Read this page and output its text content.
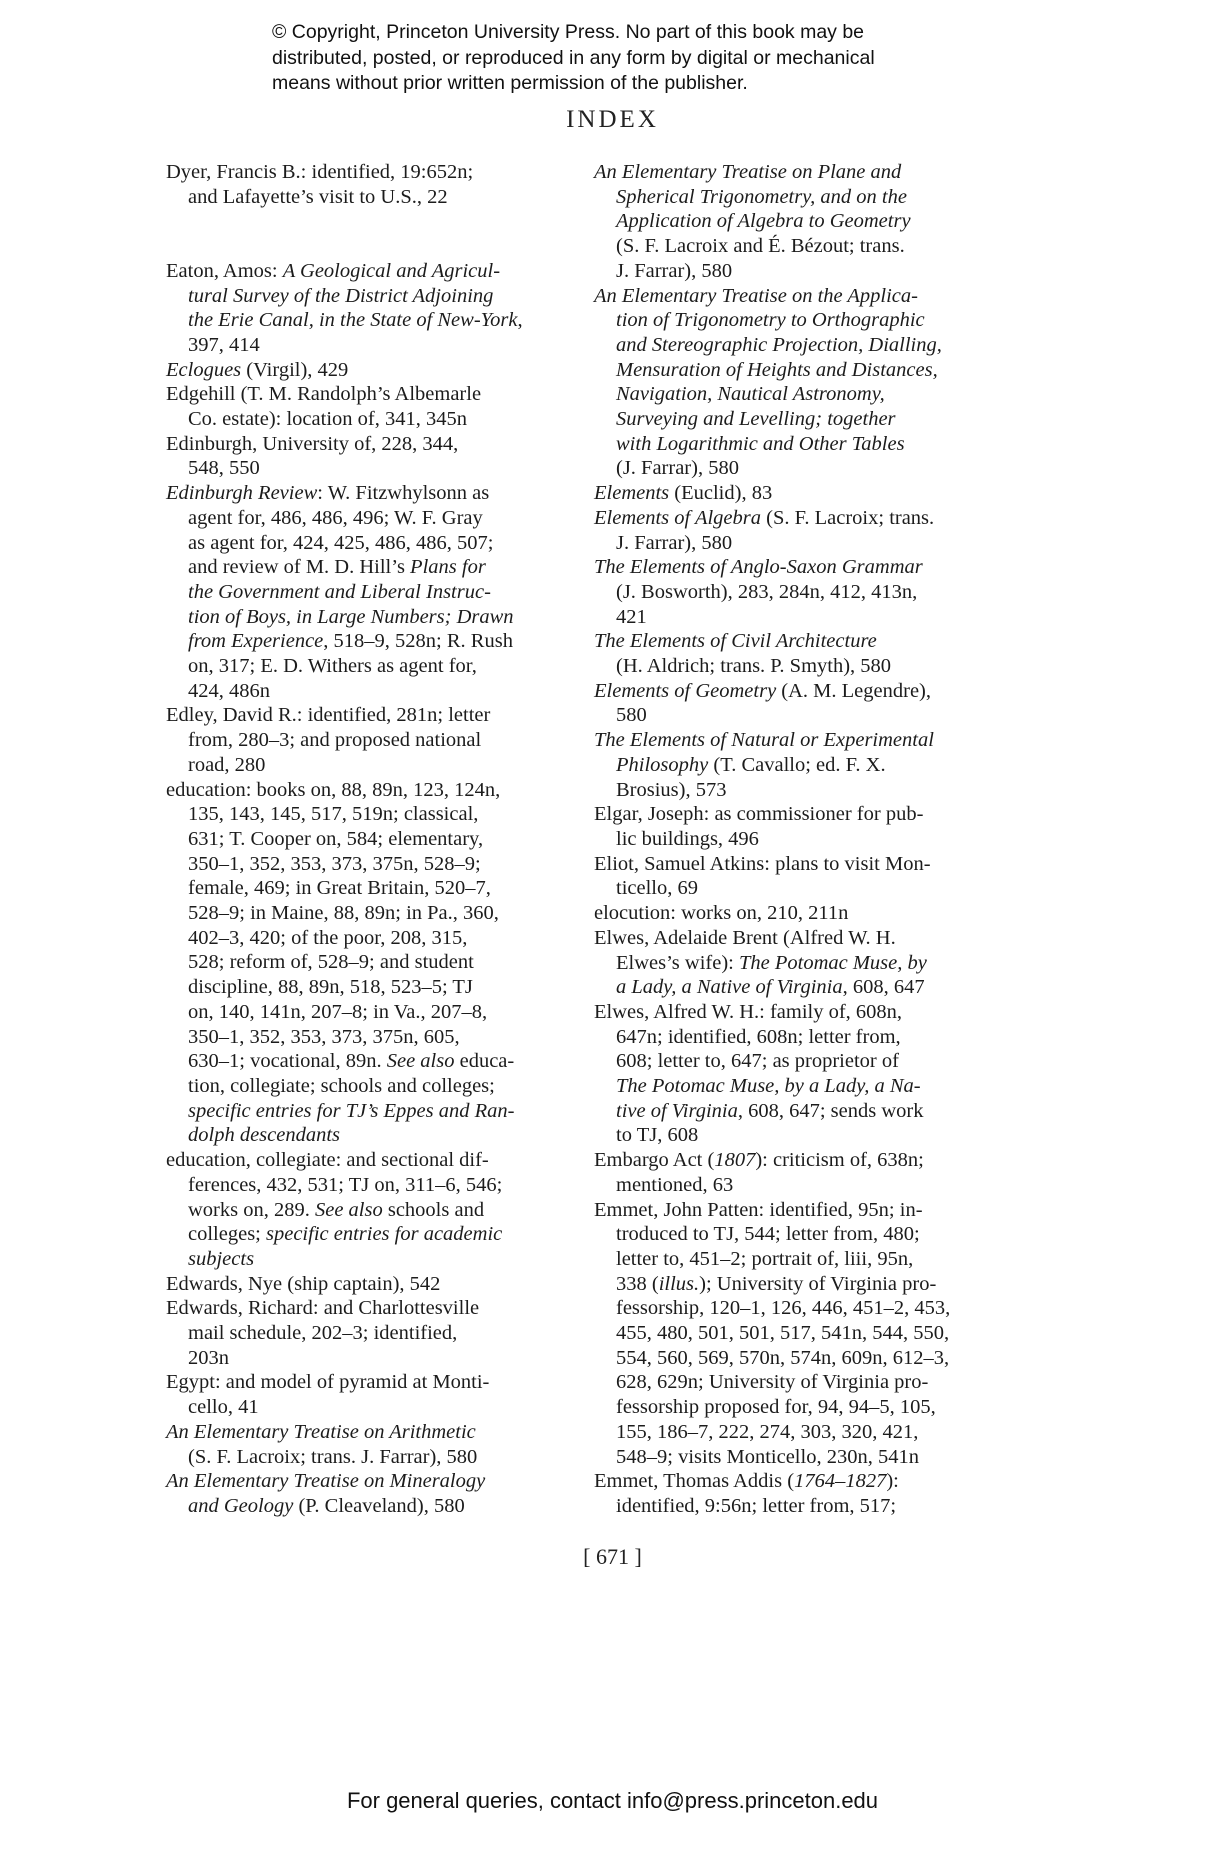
© Copyright, Princeton University Press. No part of this book may be
distributed, posted, or reproduced in any form by digital or mechanical
means without prior written permission of the publisher.
INDEX

Dyer, Francis B.: identified, 19:652n;
and Lafayette’s visit to U.S., 22

Eaton, Amos: A Geological and Agricul-
tural Survey of the District Adjoining
the Erie Canal, in the State of New-York,
397, 414

Eclogues (Virgil), 429

Edgehill (T. M. Randolph’s Albemarle
Co. estate): location of, 341, 345n

Edinburgh, University of, 228, 344,
548, 550

Edinburgh Review: W. Fitzwhylsonn as
agent for, 486, 486, 496; W. F. Gray
as agent for, 424, 425, 486, 486, 507;
and review of M. D. Hill’s Plans for
the Government and Liberal Instruc-
tion of Boys, in Large Numbers; Drawn
from Experience, 518–9, 528n; R. Rush
on, 317; E. D. Withers as agent for,
424, 486n

Edley, David R.: identified, 281n; letter
from, 280–3; and proposed national
road, 280

education: books on, 88, 89n, 123, 124n,
135, 143, 145, 517, 519n; classical,
631; T. Cooper on, 584; elementary,
350–1, 352, 353, 373, 375n, 528–9;
female, 469; in Great Britain, 520–7,
528–9; in Maine, 88, 89n; in Pa., 360,
402–3, 420; of the poor, 208, 315,
528; reform of, 528–9; and student
discipline, 88, 89n, 518, 523–5; TJ
on, 140, 141n, 207–8; in Va., 207–8,
350–1, 352, 353, 373, 375n, 605,
630–1; vocational, 89n. See also educa-
tion, collegiate; schools and colleges;
specific entries for TJ’s Eppes and Ran-
dolph descendants

education, collegiate: and sectional dif-
ferences, 432, 531; TJ on, 311–6, 546;
works on, 289. See also schools and
colleges; specific entries for academic
subjects

Edwards, Nye (ship captain), 542

Edwards, Richard: and Charlottesville
mail schedule, 202–3; identified,
203n

Egypt: and model of pyramid at Monti-
cello, 41

An Elementary Treatise on Arithmetic
(S. F. Lacroix; trans. J. Farrar), 580

An Elementary Treatise on Mineralogy
and Geology (P. Cleaveland), 580

An Elementary Treatise on Plane and
Spherical Trigonometry, and on the
Application of Algebra to Geometry
(S. F. Lacroix and É. Bézout; trans.
J. Farrar), 580

An Elementary Treatise on the Applica-
tion of Trigonometry to Orthographic
and Stereographic Projection, Dialling,
Mensuration of Heights and Distances,
Navigation, Nautical Astronomy,
Surveying and Levelling; together
with Logarithmic and Other Tables
(J. Farrar), 580

Elements (Euclid), 83

Elements of Algebra (S. F. Lacroix; trans.
J. Farrar), 580

The Elements of Anglo-Saxon Grammar
(J. Bosworth), 283, 284n, 412, 413n,
421

The Elements of Civil Architecture
(H. Aldrich; trans. P. Smyth), 580

Elements of Geometry (A. M. Legendre),
580

The Elements of Natural or Experimental
Philosophy (T. Cavallo; ed. F. X.
Brosius), 573

Elgar, Joseph: as commissioner for pub-
lic buildings, 496

Eliot, Samuel Atkins: plans to visit Mon-
ticello, 69

elocution: works on, 210, 211n

Elwes, Adelaide Brent (Alfred W. H.
Elwes’s wife): The Potomac Muse, by
a Lady, a Native of Virginia, 608, 647

Elwes, Alfred W. H.: family of, 608n,
647n; identified, 608n; letter from,
608; letter to, 647; as proprietor of
The Potomac Muse, by a Lady, a Na-
tive of Virginia, 608, 647; sends work
to TJ, 608

Embargo Act (1807): criticism of, 638n;
mentioned, 63

Emmet, John Patten: identified, 95n; in-
troduced to TJ, 544; letter from, 480;
letter to, 451–2; portrait of, liii, 95n,
338 (illus.); University of Virginia pro-
fessorship, 120–1, 126, 446, 451–2, 453,
455, 480, 501, 501, 517, 541n, 544, 550,
554, 560, 569, 570n, 574n, 609n, 612–3,
628, 629n; University of Virginia pro-
fessorship proposed for, 94, 94–5, 105,
155, 186–7, 222, 274, 303, 320, 421,
548–9; visits Monticello, 230n, 541n

Emmet, Thomas Addis (1764–1827):
identified, 9:56n; letter from, 517;

[ 671 ]
For general queries, contact info@press.princeton.edu
